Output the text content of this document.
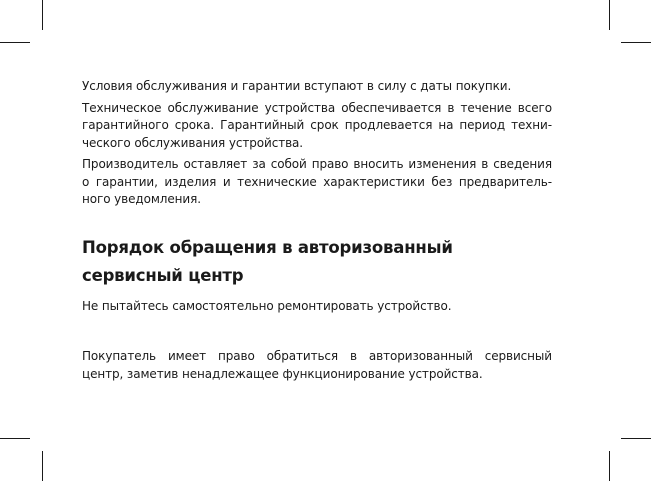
Условия обслуживания и гарантии вступают в силу с даты покупки.

Техническое обслуживание устройства обеспечивается в течение всего
гарантийного срока. Гарантийный срок продлевается на период техни-
ческого обслуживания устройства.

Производитель оставляет за собой право вносить изменения в сведения
о гарантии, изделия и технические характеристики без предваритель-
ного уведомления.

Порядок обращения в авторизованный
сервисный центр

Не пытайтесь самостоятельно ремонтировать устройство.

Покупатель имеет право обратиться в авторизованный сервисный
центр, заметив ненадлежащее функционирование устройства.
